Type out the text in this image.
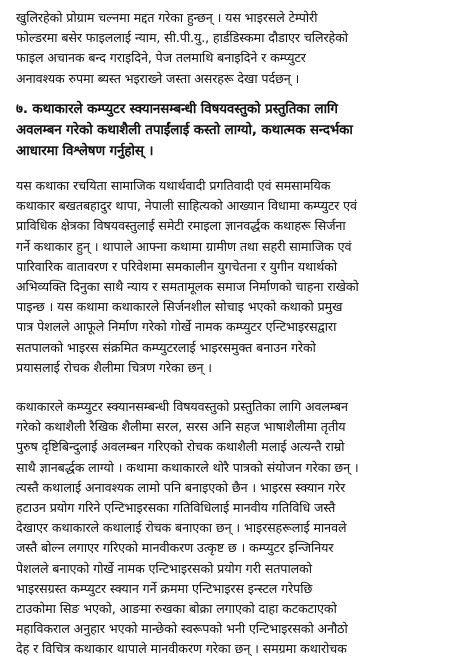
खुलिरहेको प्रोग्राम चल्नमा मद्दत गरेका हुन्छन् । यस भाइरसले टेम्पोरी
फोल्डरमा बसेर फाइललाई न्याम, सी.पी.यु., हार्डडिस्कमा दौडाएर चलिरहेको
फाइल अचानक बन्द गराइदिने, पेज तलमाथि बनाइदिने र कम्प्युटर
अनावश्यक रुपमा ब्यस्त भइराख्ने जस्ता असरहरू देखा पर्दछन् ।
७. कथाकारले कम्प्युटर स्क्यानसम्बन्धी विषयवस्तुको प्रस्तुतिका लागि
अवलम्बन गरेको कथाशैली तपाईंलाई कस्तो लाग्यो, कथात्मक सन्दर्भका
आधारमा विश्लेषण गर्नुहोस् ।
यस कथाका रचयिता सामाजिक यथार्थवादी प्रगतिवादी एवं समसामयिक
कथाकार बखतबहादुर थापा, नेपाली साहित्यको आख्यान विधामा कम्प्युटर एवं
प्राविधिक क्षेत्रका विषयवस्तुलाई समेटी रमाइला ज्ञानवर्द्धक कथाहरू सिर्जना
गर्ने कथाकार हुन् । थापाले आफ्ना कथामा ग्रामीण तथा सहरी सामाजिक एवं
पारिवारिक वातावरण र परिवेशमा समकालीन युगचेतना र युगीन यथार्थको
अभिव्यक्ति दिनुका साथै न्याय र समतामूलक समाज निर्माणको चाहना राखेको
पाइन्छ । यस कथामा कथाकारले सिर्जनशील सोचाइ भएको कथाको प्रमुख
पात्र पेशलले आफूले निर्माण गरेको गोर्खे नामक कम्प्युटर एन्टिभाइरसद्वारा
सतपालको भाइरस संक्रमित कम्प्युटरलाई भाइरसमुक्त बनाउन गरेको
प्रयासलाई रोचक शैलीमा चित्रण गरेका छन् ।
कथाकारले कम्प्युटर स्क्यानसम्बन्धी विषयवस्तुको प्रस्तुतिका लागि अवलम्बन
गरेको कथाशैली रैखिक शैलीमा सरल, सरस अनि सहज भाषाशैलीमा तृतीय
पुरुष दृष्टिबिन्दुलाई अवलम्बन गरिएको रोचक कथाशैली मलाई अत्यन्तै राम्रो
साथै ज्ञानबर्द्धक लाग्यो । कथामा कथाकारले थोरै पात्रको संयोजन गरेका छन् ।
त्यस्तै कथालाई अनावश्यक लामो पनि बनाइएको छैन । भाइरस स्क्यान गरेर
हटाउन प्रयोग गरिने एन्टिभाइरसका गतिविधिलाई मानवीय गतिविधि जस्तै
देखाएर कथाकारले कथालाई रोचक बनाएका छन् । भाइरसहरूलाई मानवले
जस्तै बोल्न लगाएर गरिएको मानवीकरण उत्कृष्ट छ । कम्प्युटर इन्जिनियर
पेशलले बनाएको गोर्खे नामक एन्टिभाइरसको प्रयोग गरी सतपालको
भाइरसग्रस्त कम्प्युटर स्क्यान गर्ने क्रममा एन्टिभाइरस इन्स्टल गरेपछि
टाउकोमा सिङ भएको, आङमा रुखका बोक्रा लगाएको दाहा कटकटाएको
महाविकराल अनुहार भएको मान्छेको स्वरूपको भनी एन्टिभाइरसको अनौठो
देह र विचित्र कथाकार थापाले मानवीकरण गरेका छन् । समग्रमा कथारोचक
